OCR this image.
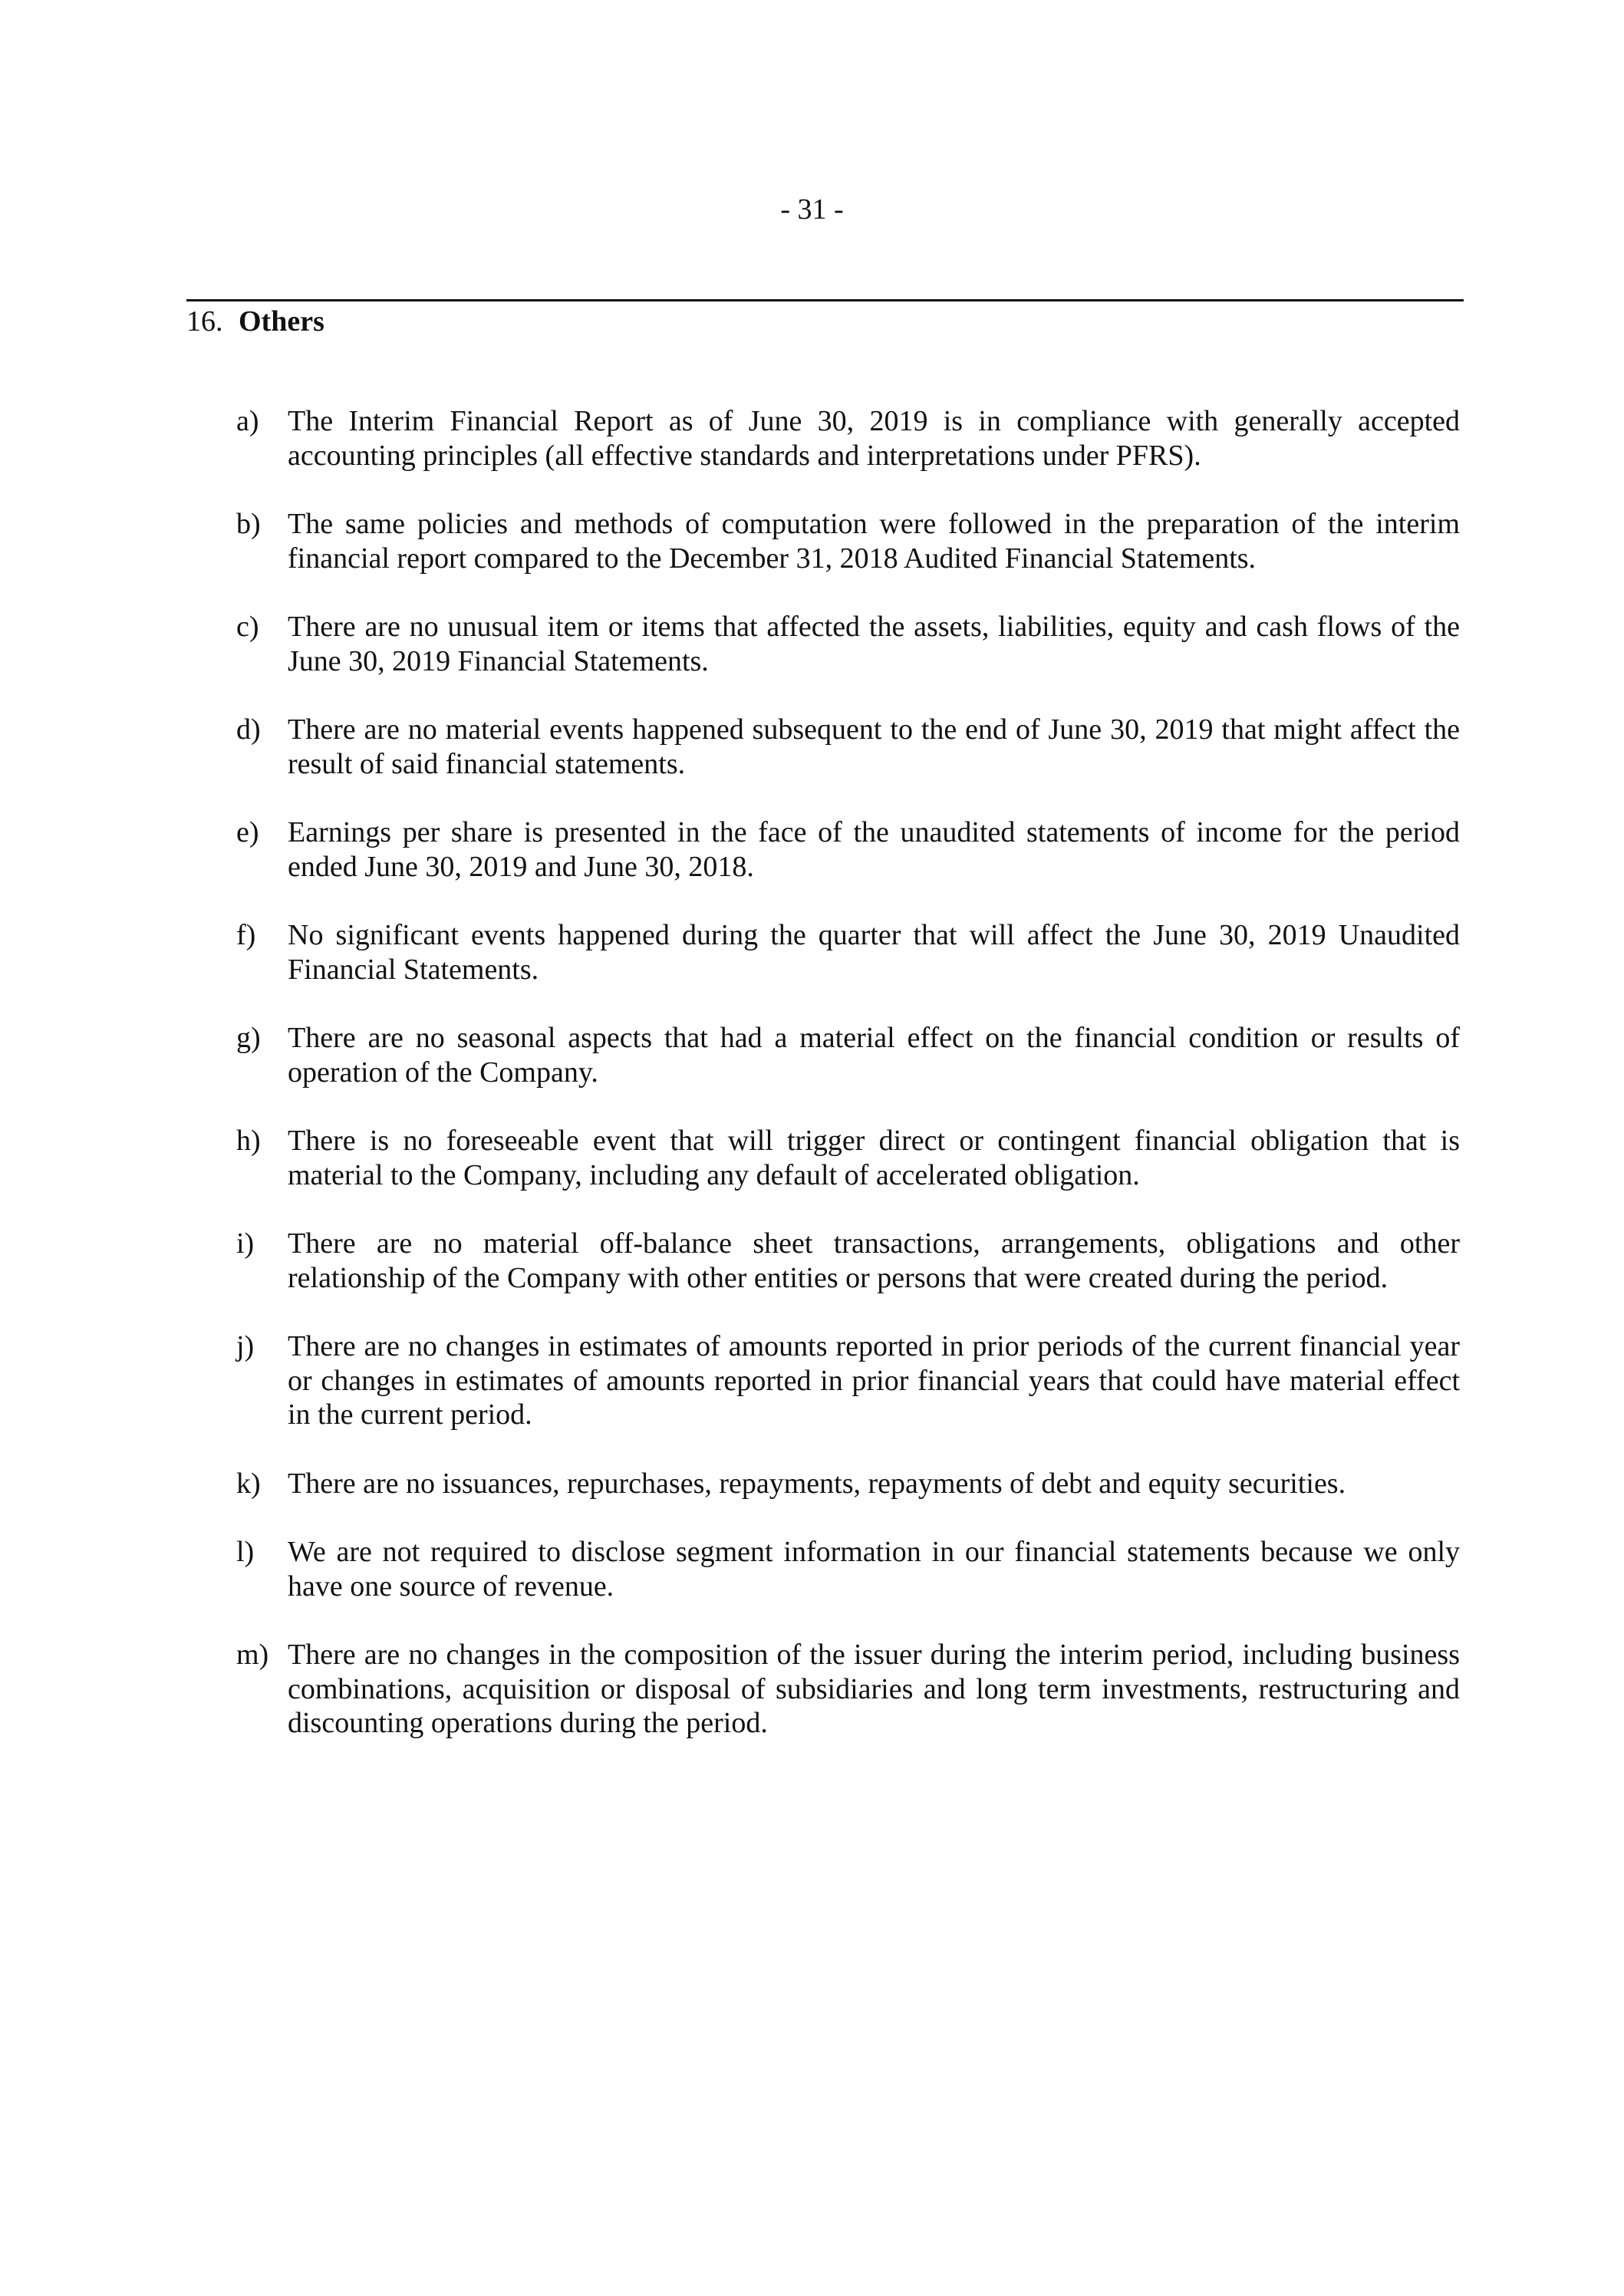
- 31 -
16. Others
a) The Interim Financial Report as of June 30, 2019 is in compliance with generally accepted accounting principles (all effective standards and interpretations under PFRS).
b) The same policies and methods of computation were followed in the preparation of the interim financial report compared to the December 31, 2018 Audited Financial Statements.
c) There are no unusual item or items that affected the assets, liabilities, equity and cash flows of the June 30, 2019 Financial Statements.
d) There are no material events happened subsequent to the end of June 30, 2019 that might affect the result of said financial statements.
e) Earnings per share is presented in the face of the unaudited statements of income for the period ended June 30, 2019 and June 30, 2018.
f) No significant events happened during the quarter that will affect the June 30, 2019 Unaudited Financial Statements.
g) There are no seasonal aspects that had a material effect on the financial condition or results of operation of the Company.
h) There is no foreseeable event that will trigger direct or contingent financial obligation that is material to the Company, including any default of accelerated obligation.
i) There are no material off-balance sheet transactions, arrangements, obligations and other relationship of the Company with other entities or persons that were created during the period.
j) There are no changes in estimates of amounts reported in prior periods of the current financial year or changes in estimates of amounts reported in prior financial years that could have material effect in the current period.
k) There are no issuances, repurchases, repayments, repayments of debt and equity securities.
l) We are not required to disclose segment information in our financial statements because we only have one source of revenue.
m) There are no changes in the composition of the issuer during the interim period, including business combinations, acquisition or disposal of subsidiaries and long term investments, restructuring and discounting operations during the period.
